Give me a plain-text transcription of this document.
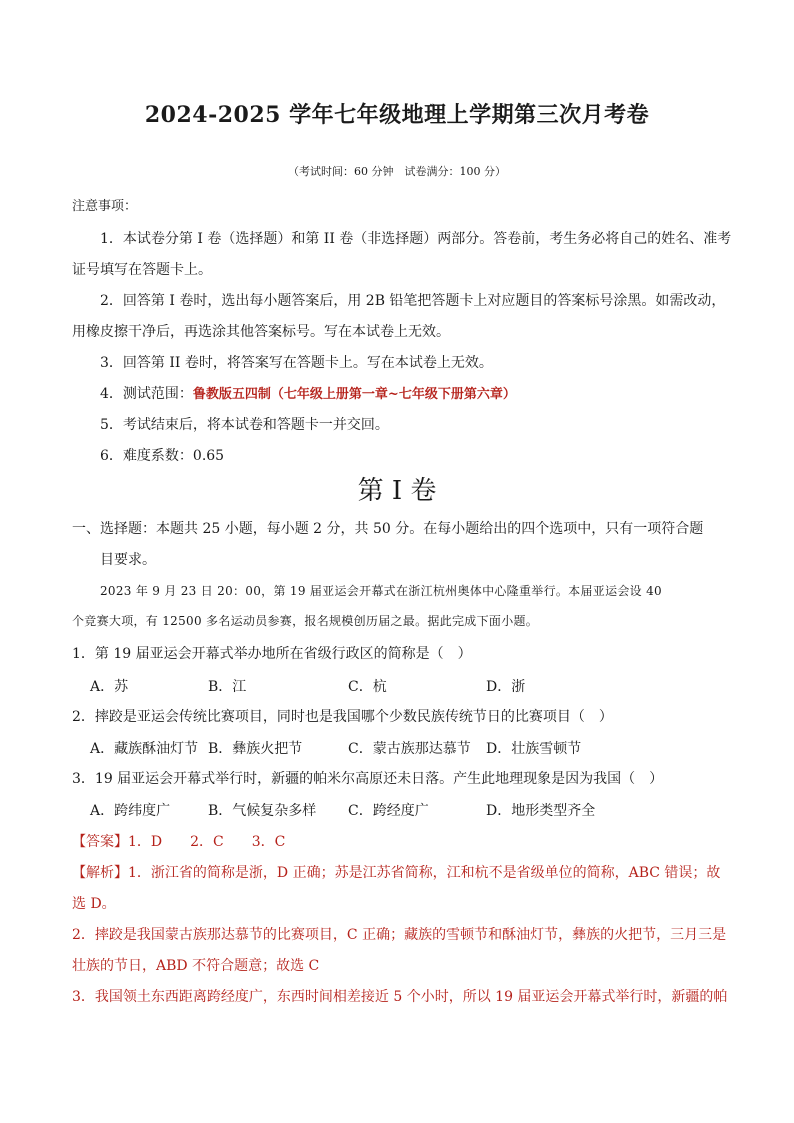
2024-2025 学年七年级地理上学期第三次月考卷
（考试时间：60 分钟　试卷满分：100 分）
注意事项：
1．本试卷分第 I 卷（选择题）和第 II 卷（非选择题）两部分。答卷前，考生务必将自己的姓名、准考
证号填写在答题卡上。
2．回答第 I 卷时，选出每小题答案后，用 2B 铅笔把答题卡上对应题目的答案标号涂黑。如需改动，
用橡皮擦干净后，再选涂其他答案标号。写在本试卷上无效。
3．回答第 II 卷时，将答案写在答题卡上。写在本试卷上无效。
4．测试范围：鲁教版五四制（七年级上册第一章~七年级下册第六章）
5．考试结束后，将本试卷和答题卡一并交回。
6．难度系数：0.65
第 I 卷
一、选择题：本题共 25 小题，每小题 2 分，共 50 分。在每小题给出的四个选项中，只有一项符合题
目要求。
2023 年 9 月 23 日 20：00，第 19 届亚运会开幕式在浙江杭州奥体中心隆重举行。本届亚运会设 40
个竞赛大项，有 12500 多名运动员参赛，报名规模创历届之最。据此完成下面小题。
1．第 19 届亚运会开幕式举办地所在省级行政区的简称是（　）
A．苏	B．江	C．杭	D．浙
2．摔跤是亚运会传统比赛项目，同时也是我国哪个少数民族传统节日的比赛项目（　）
A．藏族酥油灯节 B．彝族火把节	C．蒙古族那达慕节 D．壮族雪顿节
3．19 届亚运会开幕式举行时，新疆的帕米尔高原还未日落。产生此地理现象是因为我国（　）
A．跨纬度广	B．气候复杂多样 C．跨经度广	D．地形类型齐全
【答案】1．D　　2．C　　3．C
【解析】1．浙江省的简称是浙，D 正确；苏是江苏省简称，江和杭不是省级单位的简称，ABC 错误；故
选 D。
2．摔跤是我国蒙古族那达慕节的比赛项目，C 正确；藏族的雪顿节和酥油灯节，彝族的火把节，三月三是
壮族的节日，ABD 不符合题意；故选 C
3．我国领土东西距离跨经度广，东西时间相差接近 5 个小时，所以 19 届亚运会开幕式举行时，新疆的帕
